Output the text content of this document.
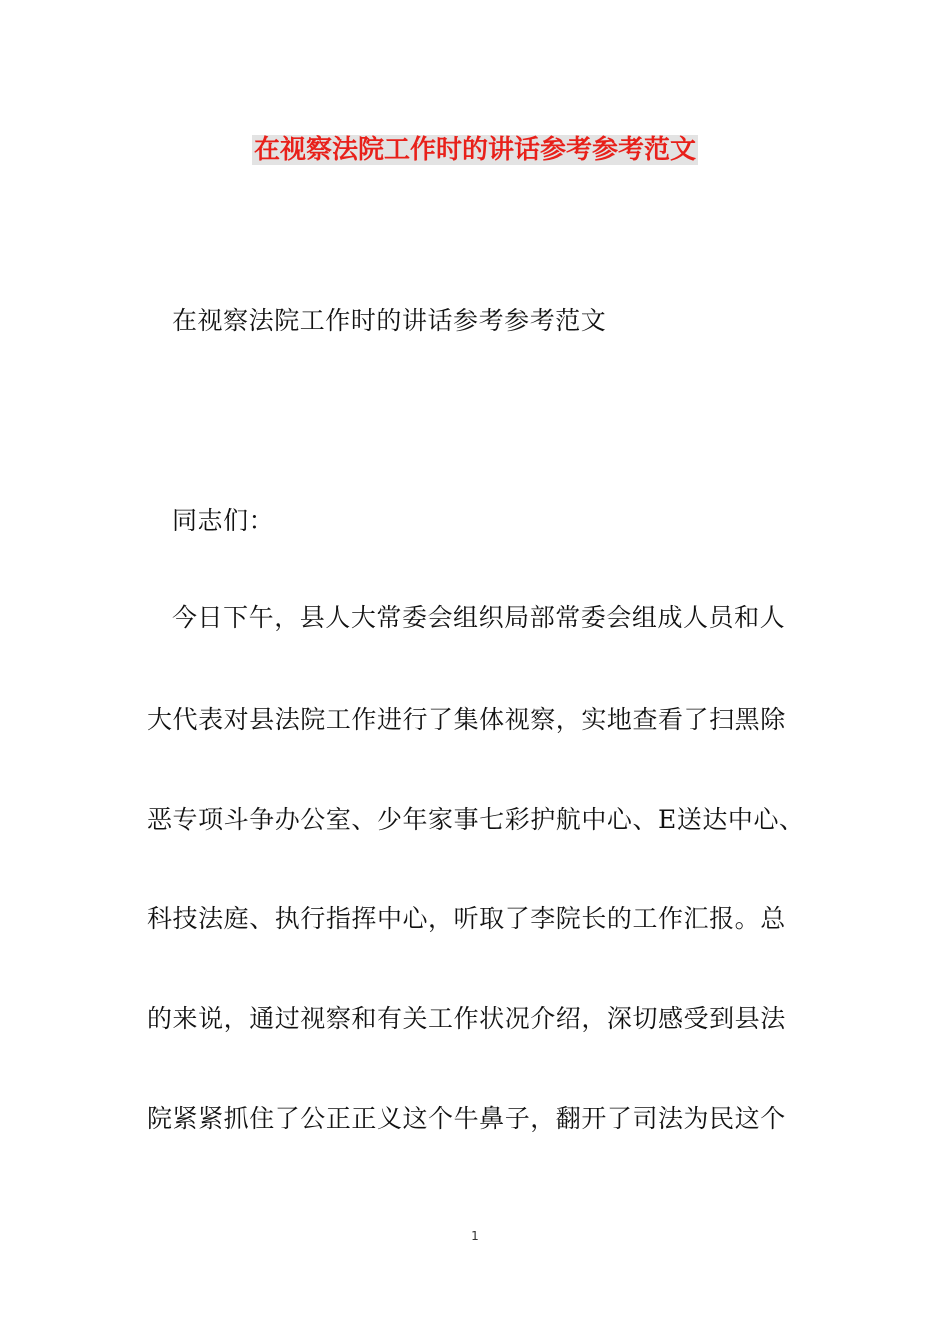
在视察法院工作时的讲话参考参考范文
在视察法院工作时的讲话参考参考范文
同志们：
今日下午，县人大常委会组织局部常委会组成人员和人
大代表对县法院工作进行了集体视察，实地查看了扫黑除
恶专项斗争办公室、少年家事七彩护航中心、E送达中心、
科技法庭、执行指挥中心，听取了李院长的工作汇报。总
的来说，通过视察和有关工作状况介绍，深切感受到县法
院紧紧抓住了公正正义这个牛鼻子，翻开了司法为民这个
1
